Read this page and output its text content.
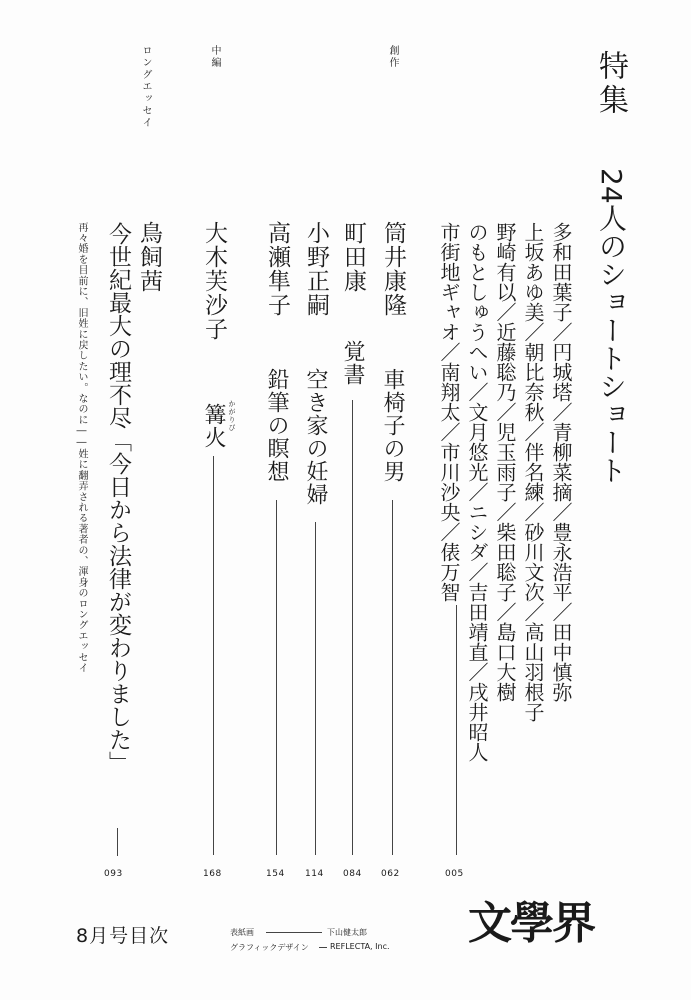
特集
24人のショートショート
多和田葉子／円城塔／青柳菜摘／豊永浩平／田中慎弥
上坂あゆ美／朝比奈秋／伴名練／砂川文次／高山羽根子
野崎有以／近藤聡乃／児玉雨子／柴田聡子／島口大樹
のもとしゅうへい／文月悠光／ニシダ／吉田靖直／戌井昭人
市街地ギャオ／南翔太／市川沙央／俵万智
005
創作
筒井康隆
車椅子の男
062
町田康
覚書
084
小野正嗣
空き家の妊婦
114
高瀬隼子
鉛筆の瞑想
154
中編
大木芙沙子
篝火 かがりび
168
ロングエッセイ
鳥飼茜
今世紀最大の理不尽「今日から法律が変わりました」
再々婚を目前に、旧姓に戻したい。なのに――姓に翻弄される著者の、渾身のロングエッセイ
093
8月号目次	表紙画	下山健太郎
グラフィックデザイン	REFLECTA, Inc. 文學界
